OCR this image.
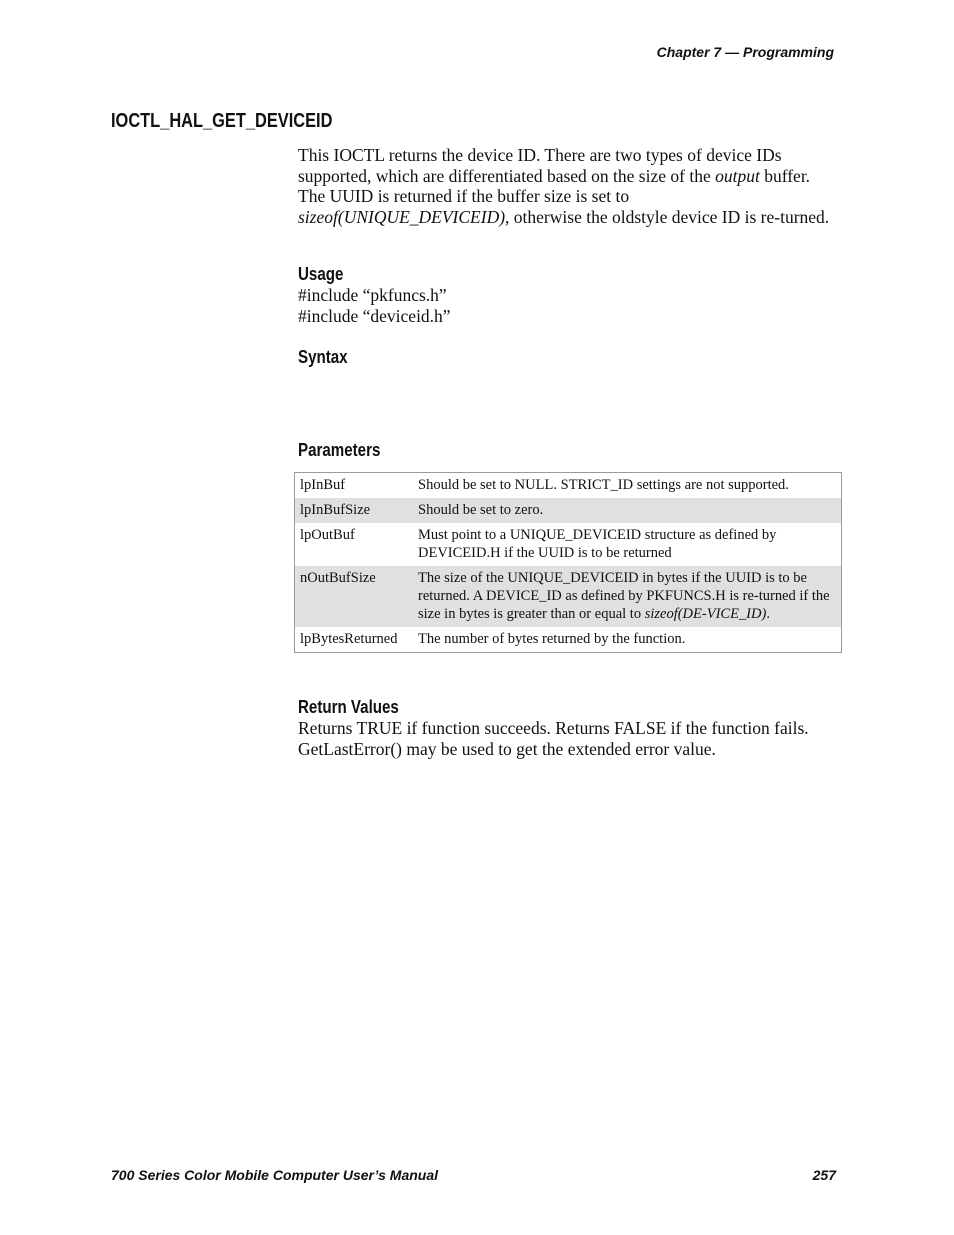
Chapter 7 — Programming
IOCTL_HAL_GET_DEVICEID

This IOCTL returns the device ID. There are two types of device IDs supported, which are differentiated based on the size of the output buffer.
The UUID is returned if the buffer size is set to
sizeof(UNIQUE_DEVICEID), otherwise the oldstyle device ID is re-turned.

Usage
#include “pkfuncs.h”
#include “deviceid.h”
Syntax
Parameters
lpInBuf	Should be set to NULL. STRICT_ID settings are not supported.
lpInBufSize	Should be set to zero.
lpOutBuf	Must point to a UNIQUE_DEVICEID structure as defined by DEVICEID.H if the UUID is to be returned
nOutBufSize	The size of the UNIQUE_DEVICEID in bytes if the UUID is to be returned. A DEVICE_ID as defined by PKFUNCS.H is re-turned if the size in bytes is greater than or equal to sizeof(DE-VICE_ID).
lpBytesReturned	The number of bytes returned by the function.
Return Values

Returns TRUE if function succeeds. Returns FALSE if the function fails. GetLastError() may be used to get the extended error value.

700 Series Color Mobile Computer User’s Manual	257
